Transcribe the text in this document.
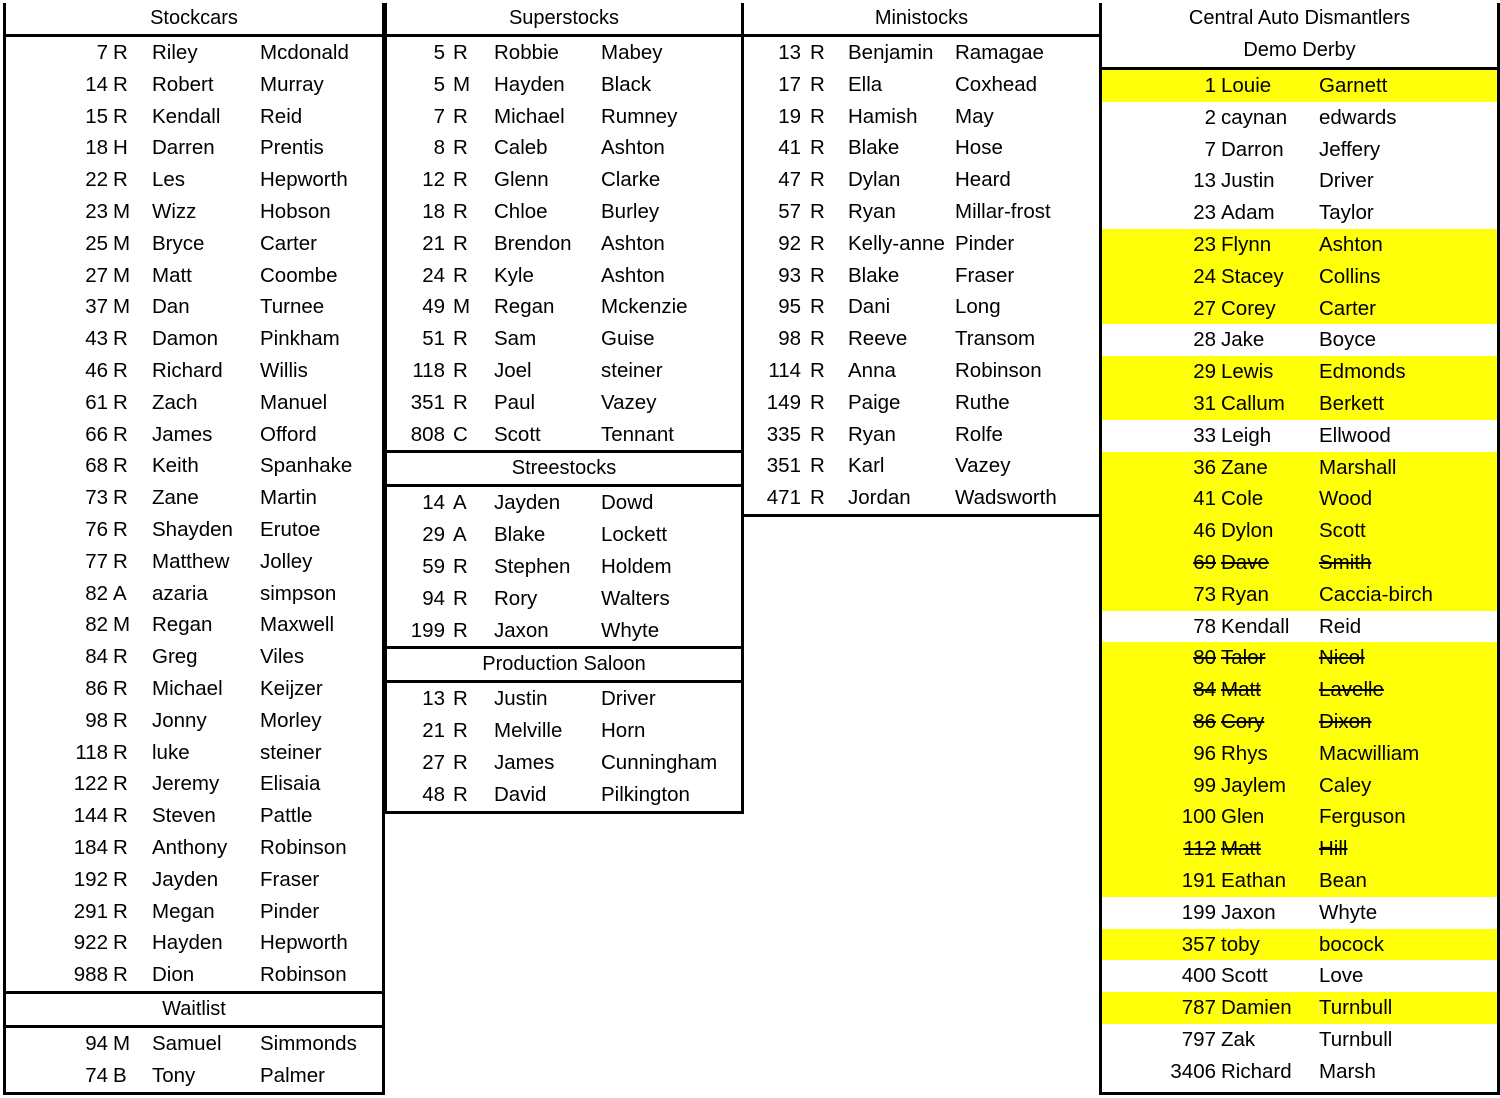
Stockcars
7 R Riley	Mcdonald
14 R Robert Murray
15 R Kendall Reid
18 H Darren Prentis
22 R Les	Hepworth
23 M Wizz	Hobson
25 M Bryce	Carter
27 M Matt	Coombe
37 M Dan	Turnee
43 R Damon Pinkham
46 R Richard Willis
61 R Zach	Manuel
66 R James Offord
68 R Keith	Spanhake
73 R Zane	Martin
76 R Shayden Erutoe
77 R Matthew Jolley
82 A azaria	simpson
82 M Regan Maxwell
84 R Greg	Viles
86 R Michael Keijzer
98 R Jonny	Morley
118 R luke	steiner
122 R Jeremy Elisaia
144 R Steven Pattle
184 R Anthony Robinson
192 R Jayden Fraser
291 R Megan Pinder
922 R Hayden Hepworth
988 R Dion	Robinson
Waitlist
94 M Samuel Simmonds
74 B Tony	Palmer
Superstocks
5 R Robbie Mabey
5 M Hayden Black
7 R Michael Rumney
8 R Caleb	Ashton
12 R Glenn	Clarke
18 R Chloe	Burley
21 R Brendon Ashton
24 R Kyle	Ashton
49 M Regan Mckenzie
51 R Sam	Guise
118 R Joel	steiner
351 R Paul	Vazey
808 C Scott	Tennant
Streestocks
14 A Jayden Dowd
29 A Blake	Lockett
59 R Stephen Holdem
94 R Rory	Walters
199 R Jaxon	Whyte
Production Saloon
13 R Justin	Driver
21 R Melville Horn
27 R James Cunningham
48 R David	Pilkington
Ministocks
13 R Benjamin Ramagae
17 R Ella	Coxhead
19 R Hamish May
41 R Blake	Hose
47 R Dylan	Heard
57 R Ryan	Millar-frost
92 R Kelly-anne Pinder
93 R Blake	Fraser
95 R Dani	Long
98 R Reeve Transom
114 R Anna	Robinson
149 R Paige	Ruthe
335 R Ryan	Rolfe
351 R Karl	Vazey
471 R Jordan Wadsworth
Central Auto Dismantlers
Demo Derby
1 Louie Garnett
2 caynan edwards
7 Darron Jeffery
13 Justin Driver
23 Adam Taylor
23 Flynn Ashton
24 Stacey Collins
27 Corey Carter
28 Jake	Boyce
29 Lewis Edmonds
31 Callum Berkett
33 Leigh Ellwood
36 Zane	Marshall
41 Cole	Wood
46 Dylon Scott
69 Dave Smith
73 Ryan Caccia-birch
78 Kendall Reid
80 Talor	Nicol
84 Matt	Lavelle
86 Cory	Dixon
96 Rhys	Macwilliam
99 Jaylem Caley
100 Glen	Ferguson
112 Matt	Hill
191 Eathan Bean
199 Jaxon Whyte
357 toby	bocock
400 Scott	Love
787 Damien Turnbull
797 Zak	Turnbull
3406 Richard Marsh
